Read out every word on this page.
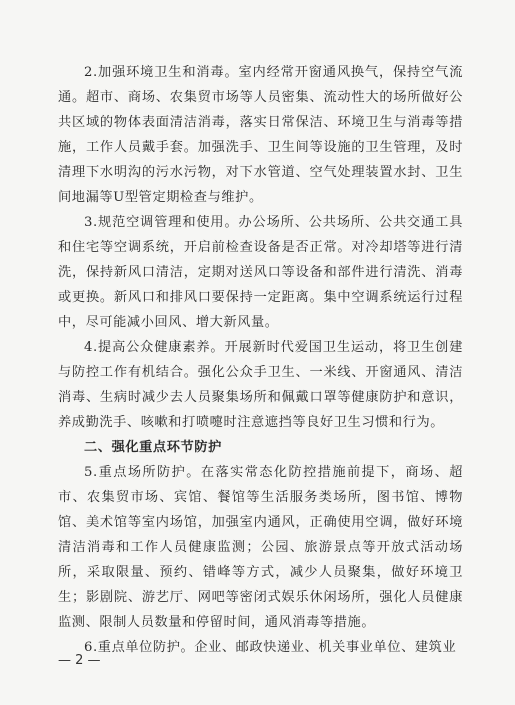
2.加强环境卫生和消毒。室内经常开窗通风换气，保持空气流通。超市、商场、农集贸市场等人员密集、流动性大的场所做好公共区域的物体表面清洁消毒，落实日常保洁、环境卫生与消毒等措施，工作人员戴手套。加强洗手、卫生间等设施的卫生管理，及时清理下水明沟的污水污物，对下水管道、空气处理装置水封、卫生间地漏等U型管定期检查与维护。

3.规范空调管理和使用。办公场所、公共场所、公共交通工具和住宅等空调系统，开启前检查设备是否正常。对冷却塔等进行清洗，保持新风口清洁，定期对送风口等设备和部件进行清洗、消毒或更换。新风口和排风口要保持一定距离。集中空调系统运行过程中，尽可能减小回风、增大新风量。

4.提高公众健康素养。开展新时代爱国卫生运动，将卫生创建与防控工作有机结合。强化公众手卫生、一米线、开窗通风、清洁消毒、生病时减少去人员聚集场所和佩戴口罩等健康防护和意识，养成勤洗手、咳嗽和打喷嚏时注意遮挡等良好卫生习惯和行为。

二、强化重点环节防护

5.重点场所防护。在落实常态化防控措施前提下，商场、超市、农集贸市场、宾馆、餐馆等生活服务类场所，图书馆、博物馆、美术馆等室内场馆，加强室内通风，正确使用空调，做好环境清洁消毒和工作人员健康监测；公园、旅游景点等开放式活动场所，采取限量、预约、错峰等方式，减少人员聚集，做好环境卫生；影剧院、游艺厅、网吧等密闭式娱乐休闲场所，强化人员健康监测、限制人员数量和停留时间，通风消毒等措施。

6.重点单位防护。企业、邮政快递业、机关事业单位、建筑业

— 2 —
